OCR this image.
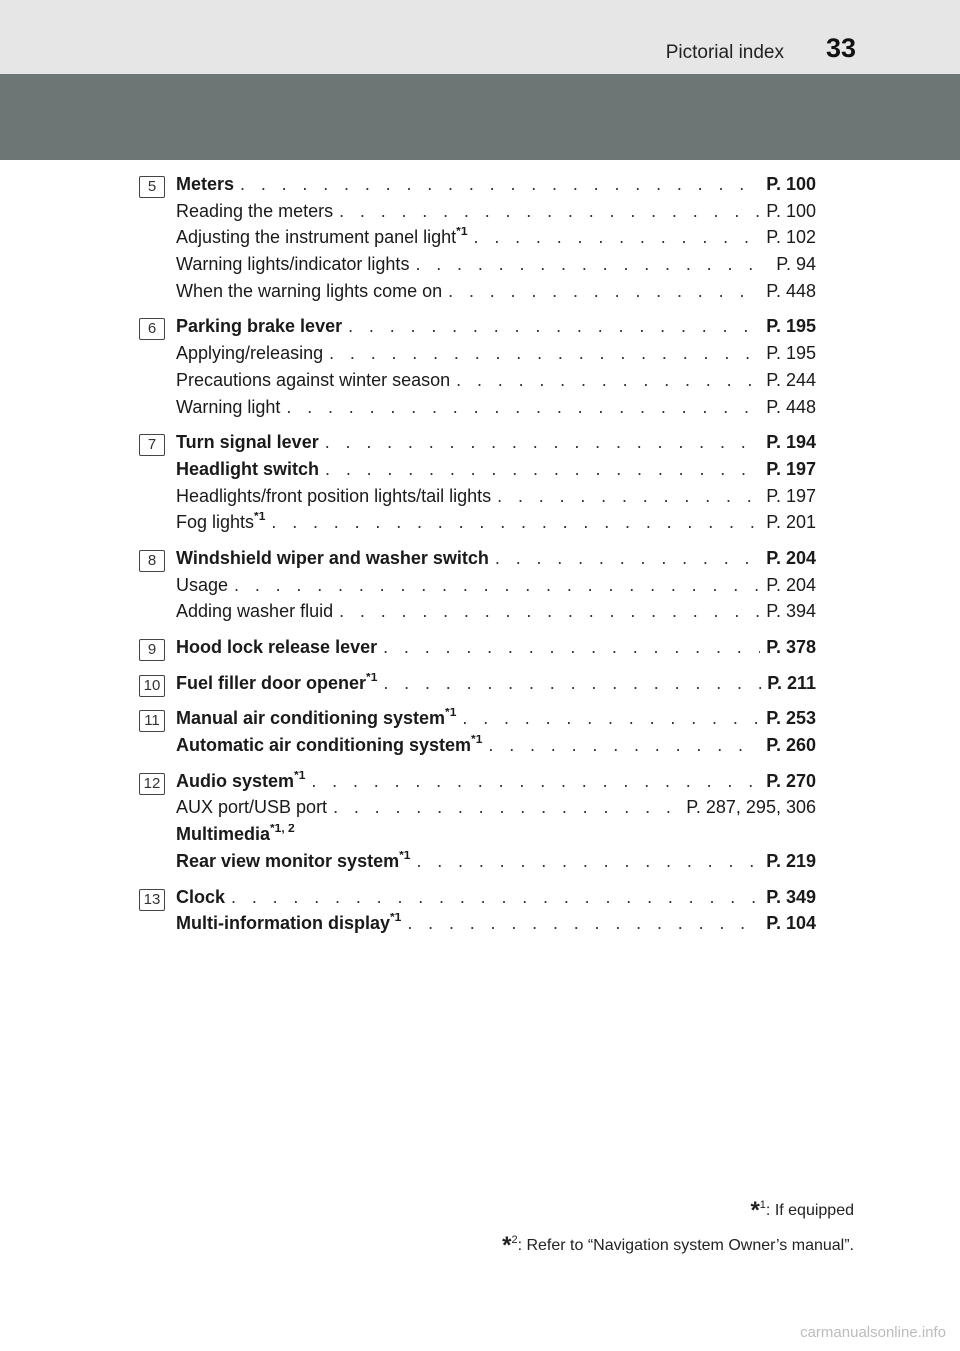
Pictorial index 33
5	Meters . . .	P. 100
Reading the meters . . .	P. 100
Adjusting the instrument panel light$^{*1}$ . . .	P. 102
Warning lights/indicator lights . . .	P. 94
When the warning lights come on . . .	P. 448
6	Parking brake lever . . .	P. 195
Applying/releasing . . .	P. 195
Precautions against winter season . . .	P. 244
Warning light . . .	P. 448
7	Turn signal lever . . .	P. 194
Headlight switch . . .	P. 197
Headlights/front position lights/tail lights . . .	P. 197
Fog lights$^{*1}$ . . .	P. 201
8	Windshield wiper and washer switch . . .	P. 204
Usage . . .	P. 204
Adding washer fluid . . .	P. 394
9	Hood lock release lever . . .	P. 378
10 Fuel filler door opener$^{*1}$ . . .	P. 211
11 Manual air conditioning system$^{*1}$ . . .	P. 253
Automatic air conditioning system$^{*1}$ . . .	P. 260
12 Audio system$^{*1}$ . . .	P. 270
AUX port/USB port . . .	P. 287, 295, 306
Multimedia$^{*1, 2}$
Rear view monitor system$^{*1}$ . . .	P. 219
13 Clock . . .	P. 349
Multi-information display$^{*1}$ . . .	P. 104
*$^1$: If equipped
*$^2$: Refer to “Navigation system Owner’s manual”.
carmanualsonline.info
